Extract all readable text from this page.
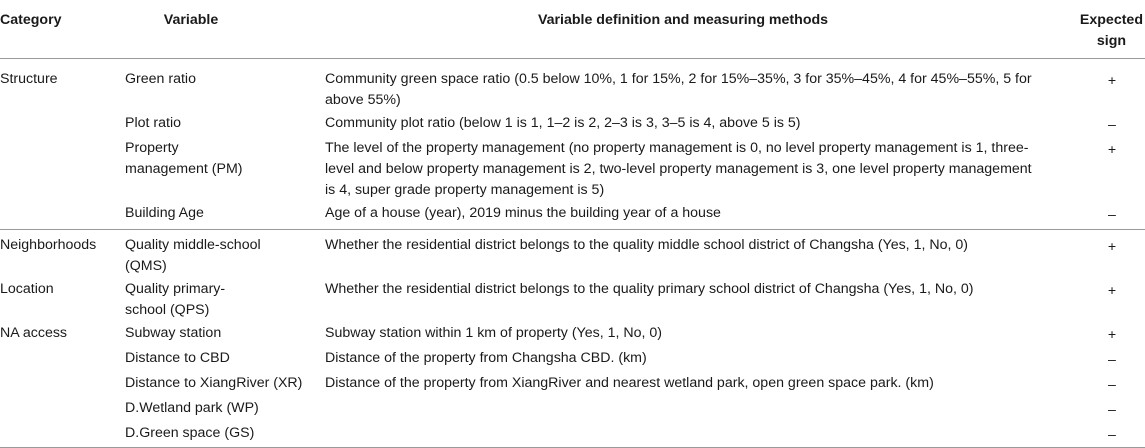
Category	Variable	Variable definition and measuring methods	Expected
sign
Structure	Green ratio	Community green space ratio (0.5 below 10%, 1 for 15%, 2 for 15%–35%, 3 for 35%–45%, 4 for 45%–55%, 5 for above 55%)	+
	Plot ratio	Community plot ratio (below 1 is 1, 1–2 is 2, 2–3 is 3, 3–5 is 4, above 5 is 5)	–
	Property management (PM)	The level of the property management (no property management is 0, no level property management is 1, three-level and below property management is 2, two-level property management is 3, one level property management is 4, super grade property management is 5)	+
	Building Age	Age of a house (year), 2019 minus the building year of a house	–
Neighborhoods	Quality middle-school (QMS)	Whether the residential district belongs to the quality middle school district of Changsha (Yes, 1, No, 0)	+
Location	Quality primary-school (QPS)	Whether the residential district belongs to the quality primary school district of Changsha (Yes, 1, No, 0)	+
NA access	Subway station	Subway station within 1 km of property (Yes, 1, No, 0)	+
	Distance to CBD	Distance of the property from Changsha CBD. (km)	–
	Distance to XiangRiver (XR)	Distance of the property from XiangRiver and nearest wetland park, open green space park. (km)	–
	D.Wetland park (WP)		–
	D.Green space (GS)		–
